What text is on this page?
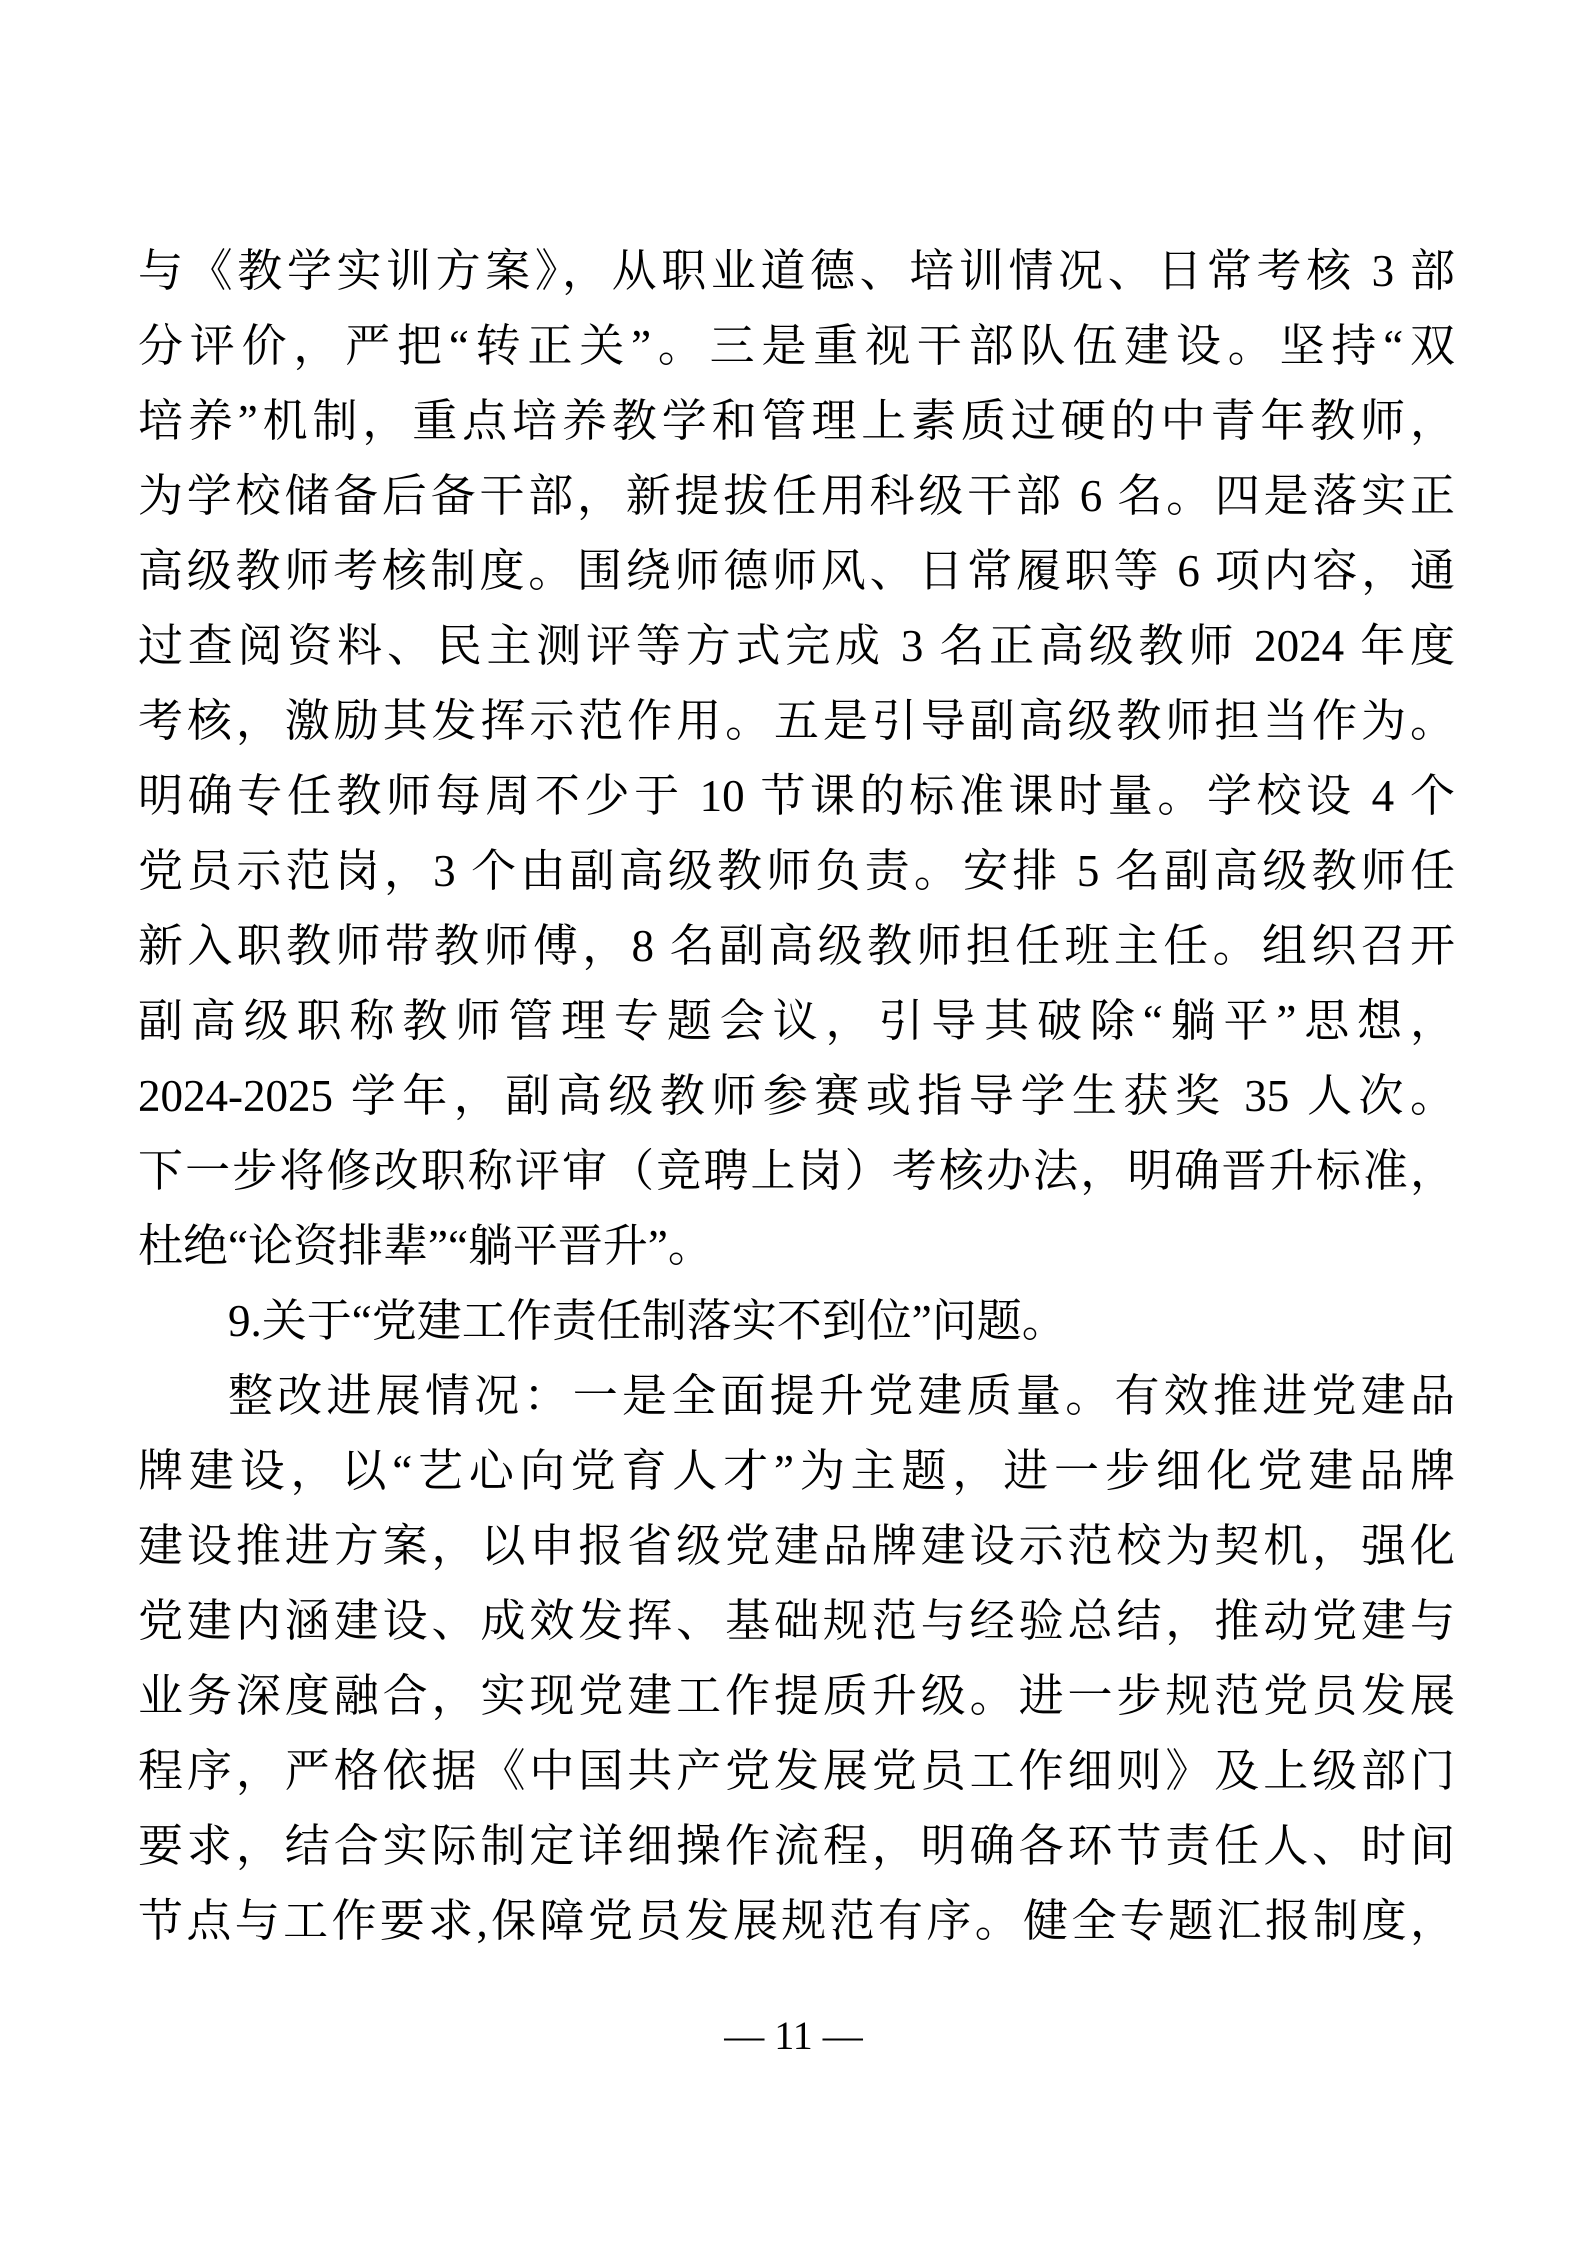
与《教学实训方案》，从职业道德、培训情况、日常考核 3 部
分评价，严把“转正关”。三是重视干部队伍建设。坚持“双
培养”机制，重点培养教学和管理上素质过硬的中青年教师，
为学校储备后备干部，新提拔任用科级干部 6 名。四是落实正
高级教师考核制度。围绕师德师风、日常履职等 6 项内容，通
过查阅资料、民主测评等方式完成 3 名正高级教师 2024 年度
考核，激励其发挥示范作用。五是引导副高级教师担当作为。
明确专任教师每周不少于 10 节课的标准课时量。学校设 4 个
党员示范岗，3 个由副高级教师负责。安排 5 名副高级教师任
新入职教师带教师傅，8 名副高级教师担任班主任。组织召开
副高级职称教师管理专题会议，引导其破除“躺平”思想，
2024-2025 学年，副高级教师参赛或指导学生获奖 35 人次。
下一步将修改职称评审（竞聘上岗）考核办法，明确晋升标准，
杜绝“论资排辈”“躺平晋升”。
9.关于“党建工作责任制落实不到位”问题。
整改进展情况：一是全面提升党建质量。有效推进党建品
牌建设，以“艺心向党育人才”为主题，进一步细化党建品牌
建设推进方案，以申报省级党建品牌建设示范校为契机，强化
党建内涵建设、成效发挥、基础规范与经验总结，推动党建与
业务深度融合，实现党建工作提质升级。进一步规范党员发展
程序，严格依据《中国共产党发展党员工作细则》及上级部门
要求，结合实际制定详细操作流程，明确各环节责任人、时间
节点与工作要求,保障党员发展规范有序。健全专题汇报制度，
— 11 —
